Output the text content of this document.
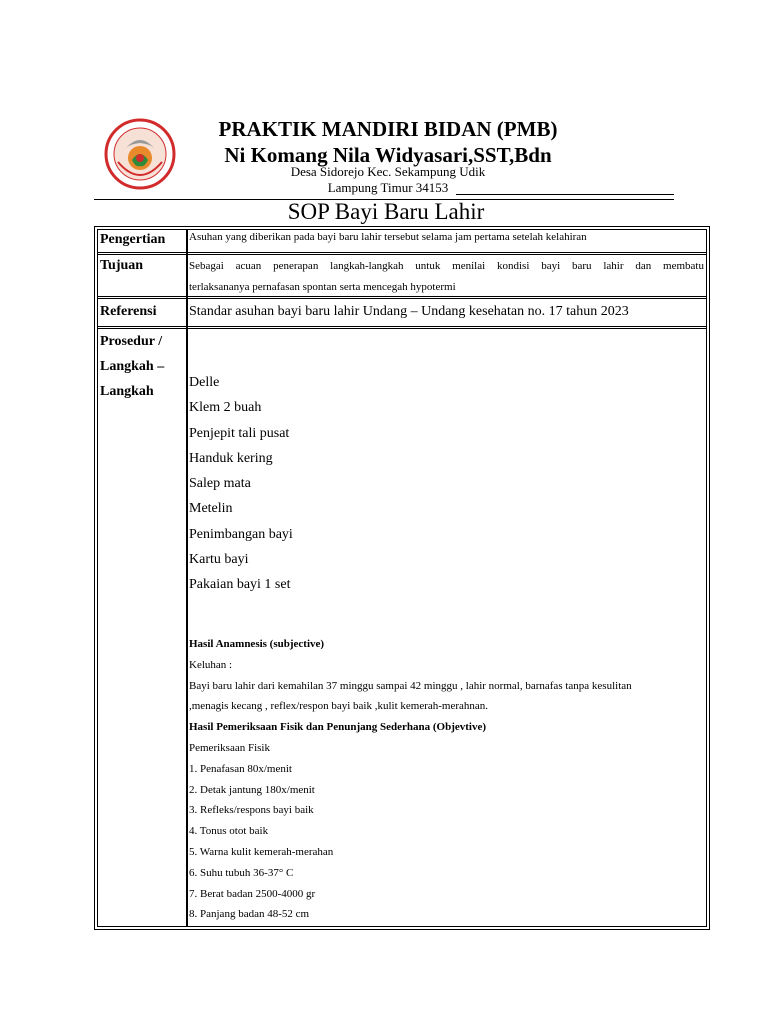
PRAKTIK MANDIRI BIDAN (PMB)
Ni Komang Nila Widyasari,SST,Bdn
Desa Sidorejo Kec. Sekampung Udik
Lampung Timur 34153
SOP Bayi Baru Lahir
Pengertian Asuhan yang diberikan pada bayi baru lahir tersebut selama jam pertama setelah kelahiran
Tujuan	Sebagai acuan penerapan langkah-langkah untuk menilai kondisi bayi baru lahir dan membatu
terlaksananya pernafasan spontan serta mencegah hypotermi
Referensi Standar asuhan bayi baru lahir Undang – Undang kesehatan no. 17 tahun 2023
Prosedur /
Langkah –
Langkah
Delle
Klem 2 buah
Penjepit tali pusat
Handuk kering
Salep mata
Metelin
Penimbangan bayi
Kartu bayi
Pakaian bayi 1 set
Hasil Anamnesis (subjective)
Keluhan :
Bayi baru lahir dari kemahilan 37 minggu sampai 42 minggu , lahir normal, barnafas tanpa kesulitan
,menagis kecang , reflex/respon bayi baik ,kulit kemerah-merahnan.
Hasil Pemeriksaan Fisik dan Penunjang Sederhana (Objevtive)
Pemeriksaan Fisik
1. Penafasan 80x/menit
2. Detak jantung 180x/menit
3. Refleks/respons bayi baik
4. Tonus otot baik
5. Warna kulit kemerah-merahan
6. Suhu tubuh 36-37° C
7. Berat badan 2500-4000 gr
8. Panjang badan 48-52 cm
